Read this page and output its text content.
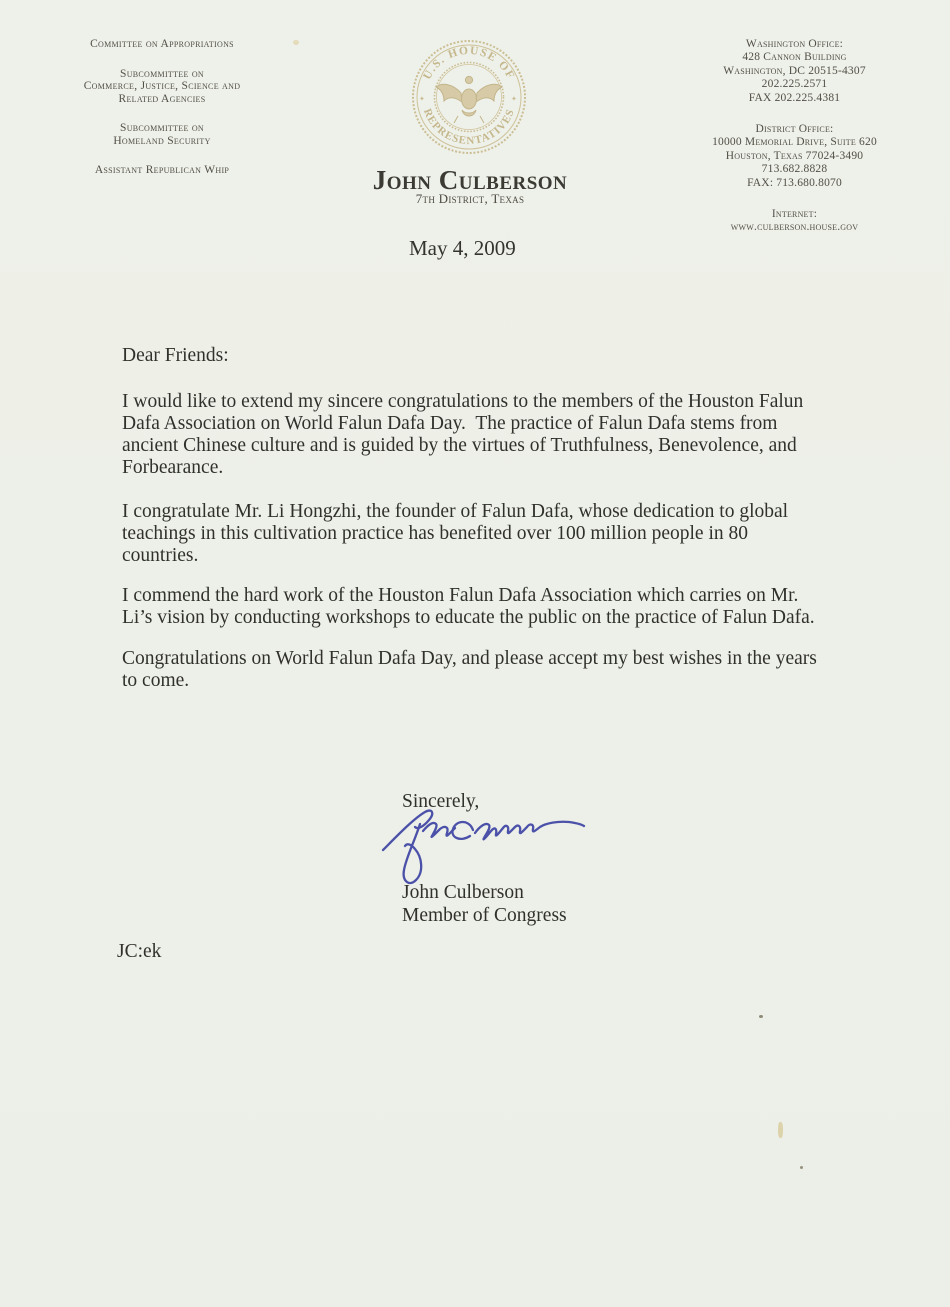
Committee on Appropriations
Subcommittee on
Commerce, Justice, Science and
Related Agencies
Subcommittee on
Homeland Security
Assistant Republican Whip
U.S. HOUSE OF
REPRESENTATIVES
✦	✦
John Culberson
7th District, Texas
Washington Office:
428 Cannon Building
Washington, DC 20515-4307
202.225.2571
FAX 202.225.4381
District Office:
10000 Memorial Drive, Suite 620
Houston, Texas 77024-3490
713.682.8828
FAX: 713.680.8070
Internet:
www.culberson.house.gov
May 4, 2009
Dear Friends:
I would like to extend my sincere congratulations to the members of the Houston Falun
Dafa Association on World Falun Dafa Day.  The practice of Falun Dafa stems from
ancient Chinese culture and is guided by the virtues of Truthfulness, Benevolence, and
Forbearance.
I congratulate Mr. Li Hongzhi, the founder of Falun Dafa, whose dedication to global
teachings in this cultivation practice has benefited over 100 million people in 80
countries.
I commend the hard work of the Houston Falun Dafa Association which carries on Mr.
Li’s vision by conducting workshops to educate the public on the practice of Falun Dafa.
Congratulations on World Falun Dafa Day, and please accept my best wishes in the years
to come.
Sincerely,
John Culberson
Member of Congress
JC:ek
